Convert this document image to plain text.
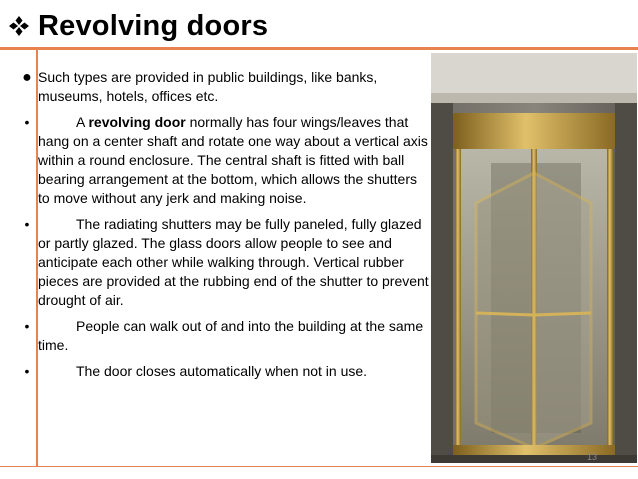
Revolving doors
● Such types are provided in public buildings, like banks, museums, hotels, offices etc.
•	A revolving door normally has four wings/leaves that hang on a center shaft and rotate one way about a vertical axis within a round enclosure. The central shaft is fitted with ball bearing arrangement at the bottom, which allows the shutters to move without any jerk and making noise.
•	The radiating shutters may be fully paneled, fully glazed or partly glazed. The glass doors allow people to see and anticipate each other while walking through. Vertical rubber pieces are provided at the rubbing end of the shutter to prevent drought of air.
•	People can walk out of and into the building at the same time.
•	The door closes automatically when not in use.
13
